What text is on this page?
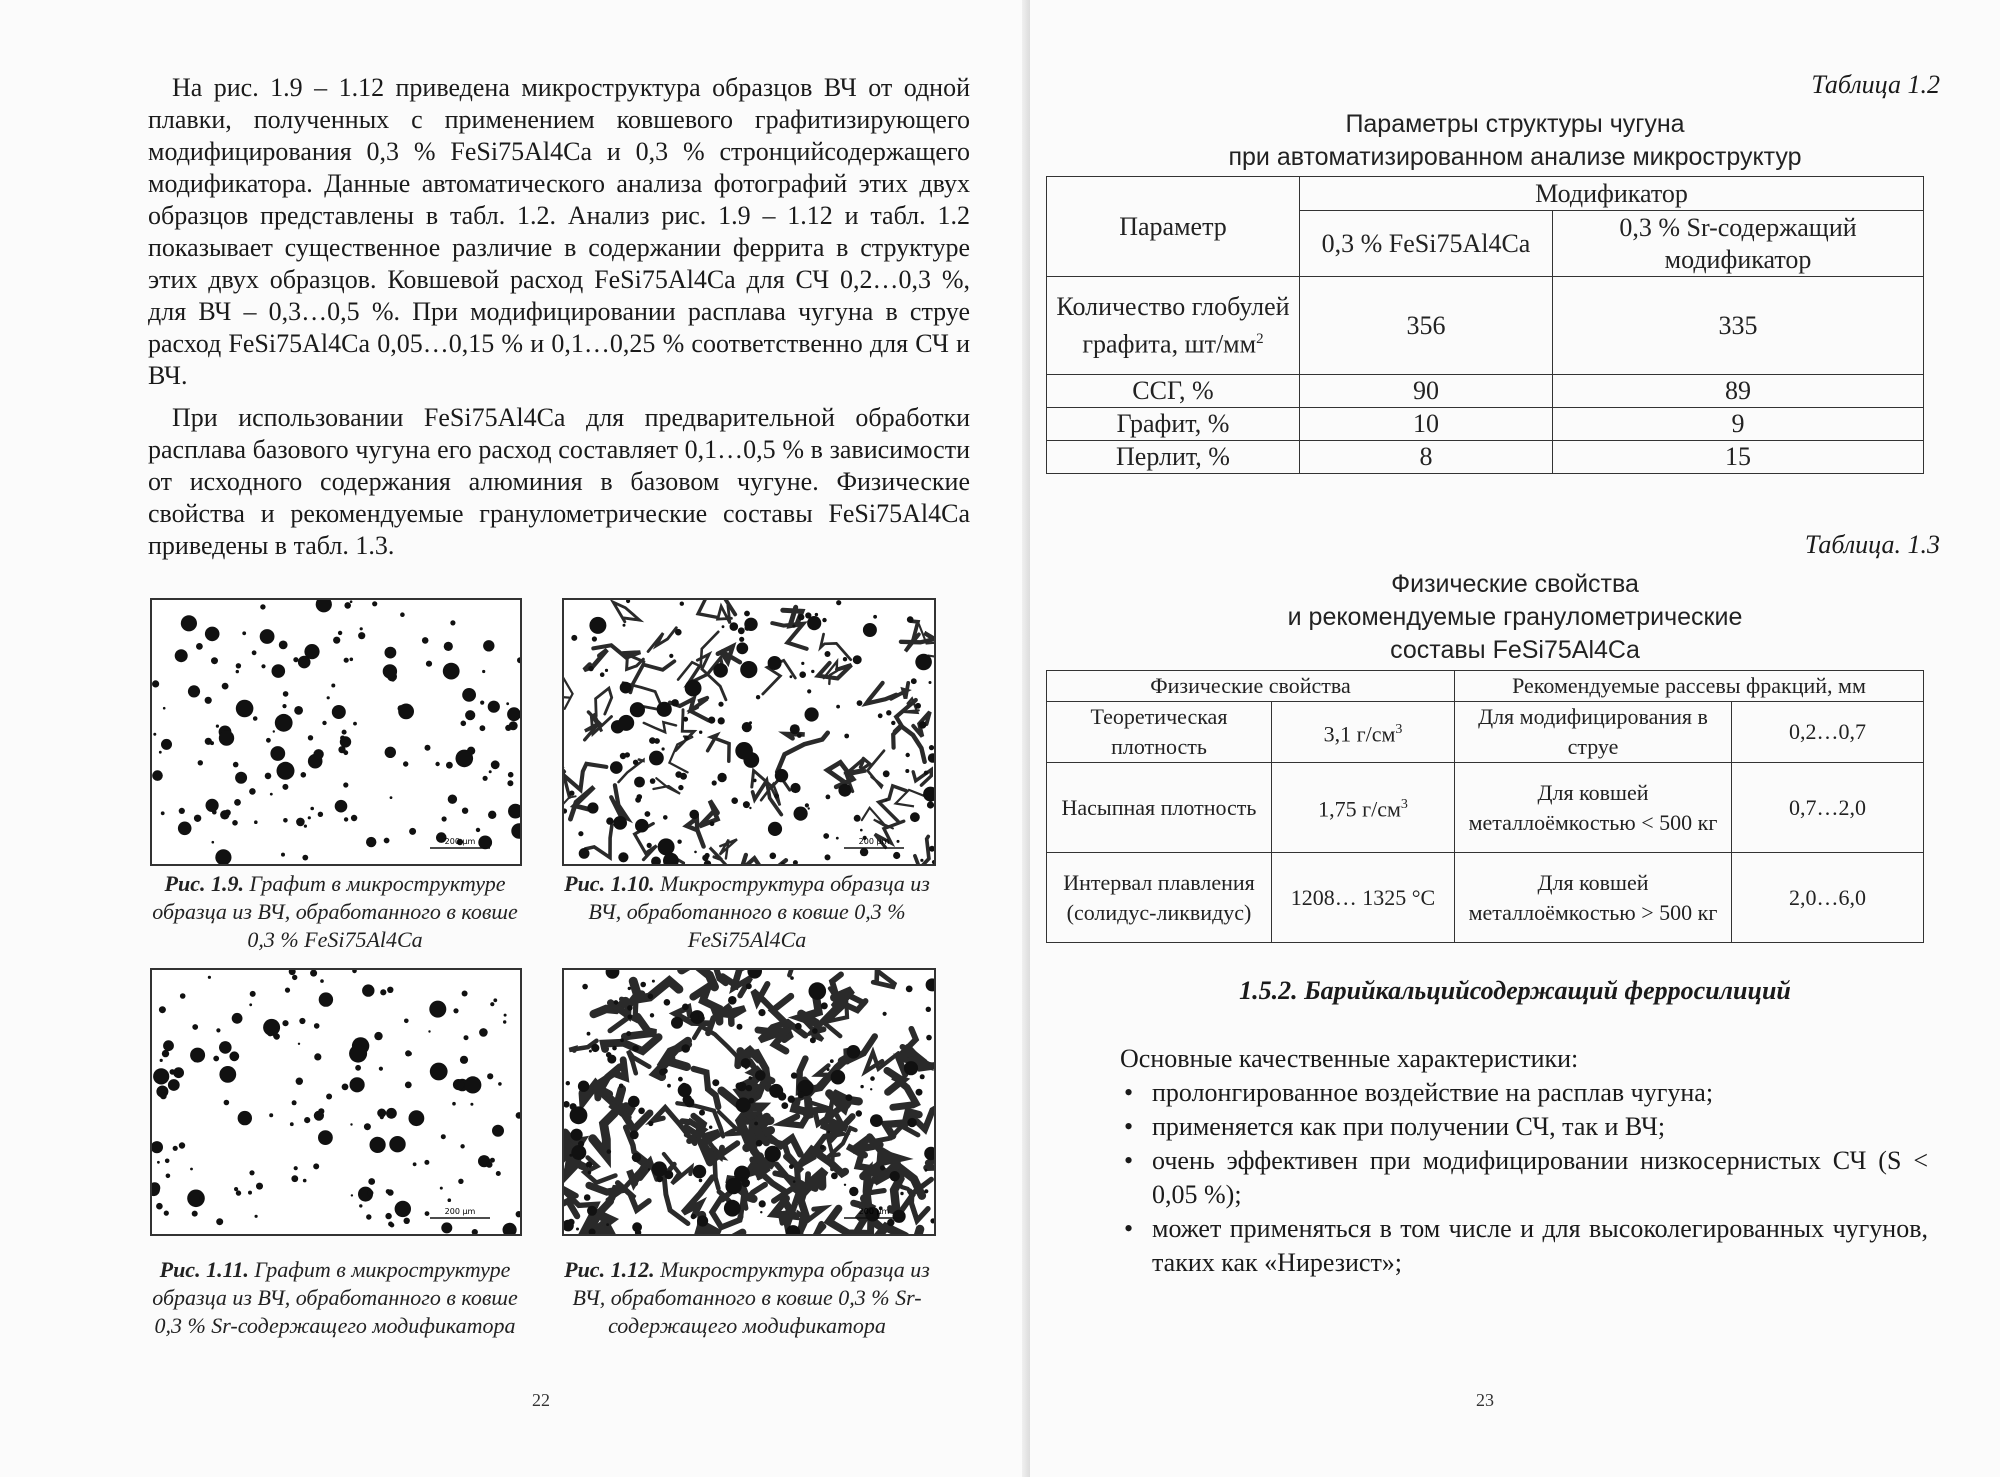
На рис. 1.9 – 1.12 приведена микроструктура образцов ВЧ от одной плавки, полученных с применением ковшевого графитизирующего модифицирования 0,3 % FeSi75Al4Ca и 0,3 % стронцийсодержащего модификатора. Данные автоматического анализа фотографий этих двух образцов представлены в табл. 1.2. Анализ рис. 1.9 – 1.12 и табл. 1.2 показывает существенное различие в содержании феррита в структуре этих двух образцов. Ковшевой расход FeSi75Al4Ca для СЧ 0,2…0,3 %, для ВЧ – 0,3…0,5 %. При модифицировании расплава чугуна в струе расход FeSi75Al4Ca 0,05…0,15 % и 0,1…0,25 % соответственно для СЧ и ВЧ.

При использовании FeSi75Al4Ca для предварительной обработки расплава базового чугуна его расход составляет 0,1…0,5 % в зависимости от исходного содержания алюминия в базовом чугуне. Физические свойства и рекомендуемые гранулометрические составы FeSi75Al4Ca приведены в табл. 1.3.

200 µm	200 µm

Рис. 1.9. Графит в микроструктуре образца из ВЧ, обработанного в ковше 0,3 % FeSi75Al4Ca

Рис. 1.10. Микроструктура образца из ВЧ, обработанного в ковше 0,3 % FeSi75Al4Ca

200 µm	200 µm

Рис. 1.11. Графит в микроструктуре образца из ВЧ, обработанного в ковше 0,3 % Sr-содержащего модификатора

Рис. 1.12. Микроструктура образца из ВЧ, обработанного в ковше 0,3 % Sr-содержащего модификатора

22
Таблица 1.2

Параметры структуры чугуна
при автоматизированном анализе микроструктур

Параметр	Модификатор	
	0,3 % FeSi75Al4Ca	0,3 % Sr-содержащий модификатор
Количество глобулей графита, $шт/мм^2$	356	335
ССГ, %	90	89
Графит, %	10	9
Перлит, %	8	15
Таблица. 1.3

Физические свойства
и рекомендуемые гранулометрические
составы FeSi75Al4Ca

Физические свойства		Рекомендуемые рассевы фракций, мм	
Теоретическая плотность	3,1 $г/см^3$	Для модифицирования в струе	0,2…0,7
Насыпная плотность	1,75 $г/см^3$	Для ковшей металлоёмкостью < 500 кг	0,7…2,0
Интервал плавления (солидус-ликвидус)	1208… 1325 °C	Для ковшей металлоёмкостью > 500 кг	2,0…6,0

1.5.2. Барийкальцийсодержащий ферросилиций

Основные качественные характеристики:
• пролонгированное воздействие на расплав чугуна;
• применяется как при получении СЧ, так и ВЧ;
• очень эффективен при модифицировании низкосернистых СЧ (S < 0,05 %);
• может применяться в том числе и для высоколегированных чугунов, таких как «Нирезист»;
23
